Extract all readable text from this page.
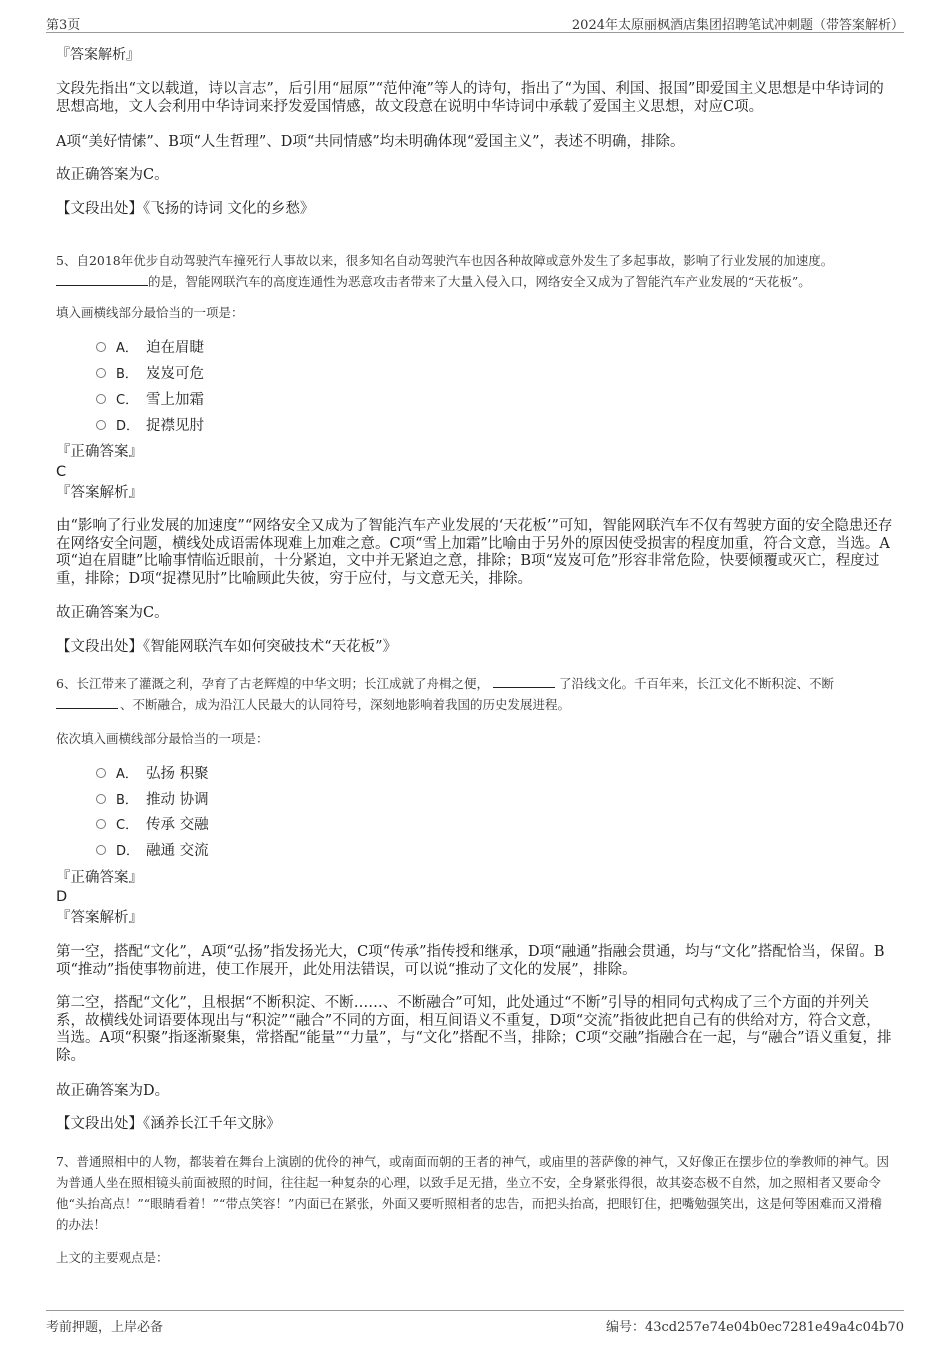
第3页	2024年太原丽枫酒店集团招聘笔试冲刺题（带答案解析）
『答案解析』
文段先指出“文以载道，诗以言志”，后引用“屈原”“范仲淹”等人的诗句，指出了“为国、利国、报国”即爱国主义思想是中华诗词的思想高地，文人会利用中华诗词来抒发爱国情感，故文段意在说明中华诗词中承载了爱国主义思想，对应C项。
A项“美好情愫”、B项“人生哲理”、D项“共同情感”均未明确体现“爱国主义”，表述不明确，排除。
故正确答案为C。
【文段出处】《飞扬的诗词 文化的乡愁》
5、自2018年优步自动驾驶汽车撞死行人事故以来，很多知名自动驾驶汽车也因各种故障或意外发生了多起事故，影响了行业发展的加速度。
的是，智能网联汽车的高度连通性为恶意攻击者带来了大量入侵入口，网络安全又成为了智能汽车产业发展的“天花板”。
填入画横线部分最恰当的一项是：
A． 迫在眉睫
B． 岌岌可危
C． 雪上加霜
D． 捉襟见肘
『正确答案』
C
『答案解析』
由“影响了行业发展的加速度”“网络安全又成为了智能汽车产业发展的‘天花板’”可知，智能网联汽车不仅有驾驶方面的安全隐患还存在网络安全问题，横线处成语需体现难上加难之意。C项“雪上加霜”比喻由于另外的原因使受损害的程度加重，符合文意，当选。A项“迫在眉睫”比喻事情临近眼前，十分紧迫，文中并无紧迫之意，排除；B项“岌岌可危”形容非常危险，快要倾覆或灭亡，程度过重，排除；D项“捉襟见肘”比喻顾此失彼，穷于应付，与文意无关，排除。
故正确答案为C。
【文段出处】《智能网联汽车如何突破技术“天花板”》
6、长江带来了灌溉之利，孕育了古老辉煌的中华文明；长江成就了舟楫之便，	了沿线文化。千百年来，长江文化不断积淀、不断、不断融合，成为沿江人民最大的认同符号，深刻地影响着我国的历史发展进程。
依次填入画横线部分最恰当的一项是：
A． 弘扬 积聚
B． 推动 协调
C． 传承 交融
D． 融通 交流
『正确答案』
D
『答案解析』
第一空，搭配“文化”，A项“弘扬”指发扬光大，C项“传承”指传授和继承，D项“融通”指融会贯通，均与“文化”搭配恰当，保留。B项“推动”指使事物前进，使工作展开，此处用法错误，可以说“推动了文化的发展”，排除。
第二空，搭配“文化”，且根据“不断积淀、不断……、不断融合”可知，此处通过“不断”引导的相同句式构成了三个方面的并列关系，故横线处词语要体现出与“积淀”“融合”不同的方面，相互间语义不重复，D项“交流”指彼此把自己有的供给对方，符合文意，当选。A项“积聚”指逐渐聚集，常搭配“能量”“力量”，与“文化”搭配不当，排除；C项“交融”指融合在一起，与“融合”语义重复，排除。
故正确答案为D。
【文段出处】《涵养长江千年文脉》
7、普通照相中的人物，都装着在舞台上演剧的优伶的神气，或南面而朝的王者的神气，或庙里的菩萨像的神气，又好像正在摆步位的拳教师的神气。因为普通人坐在照相镜头前面被照的时间，往往起一种复杂的心理，以致手足无措，坐立不安，全身紧张得很，故其姿态极不自然，加之照相者又要命令他“头抬高点！”“眼睛看着！”“带点笑容！”内面已在紧张，外面又要听照相者的忠告，而把头抬高，把眼钉住，把嘴勉强笑出，这是何等困难而又滑稽的办法！
上文的主要观点是：
考前押题，上岸必备	编号：43cd257e74e04b0ec7281e49a4c04b70
